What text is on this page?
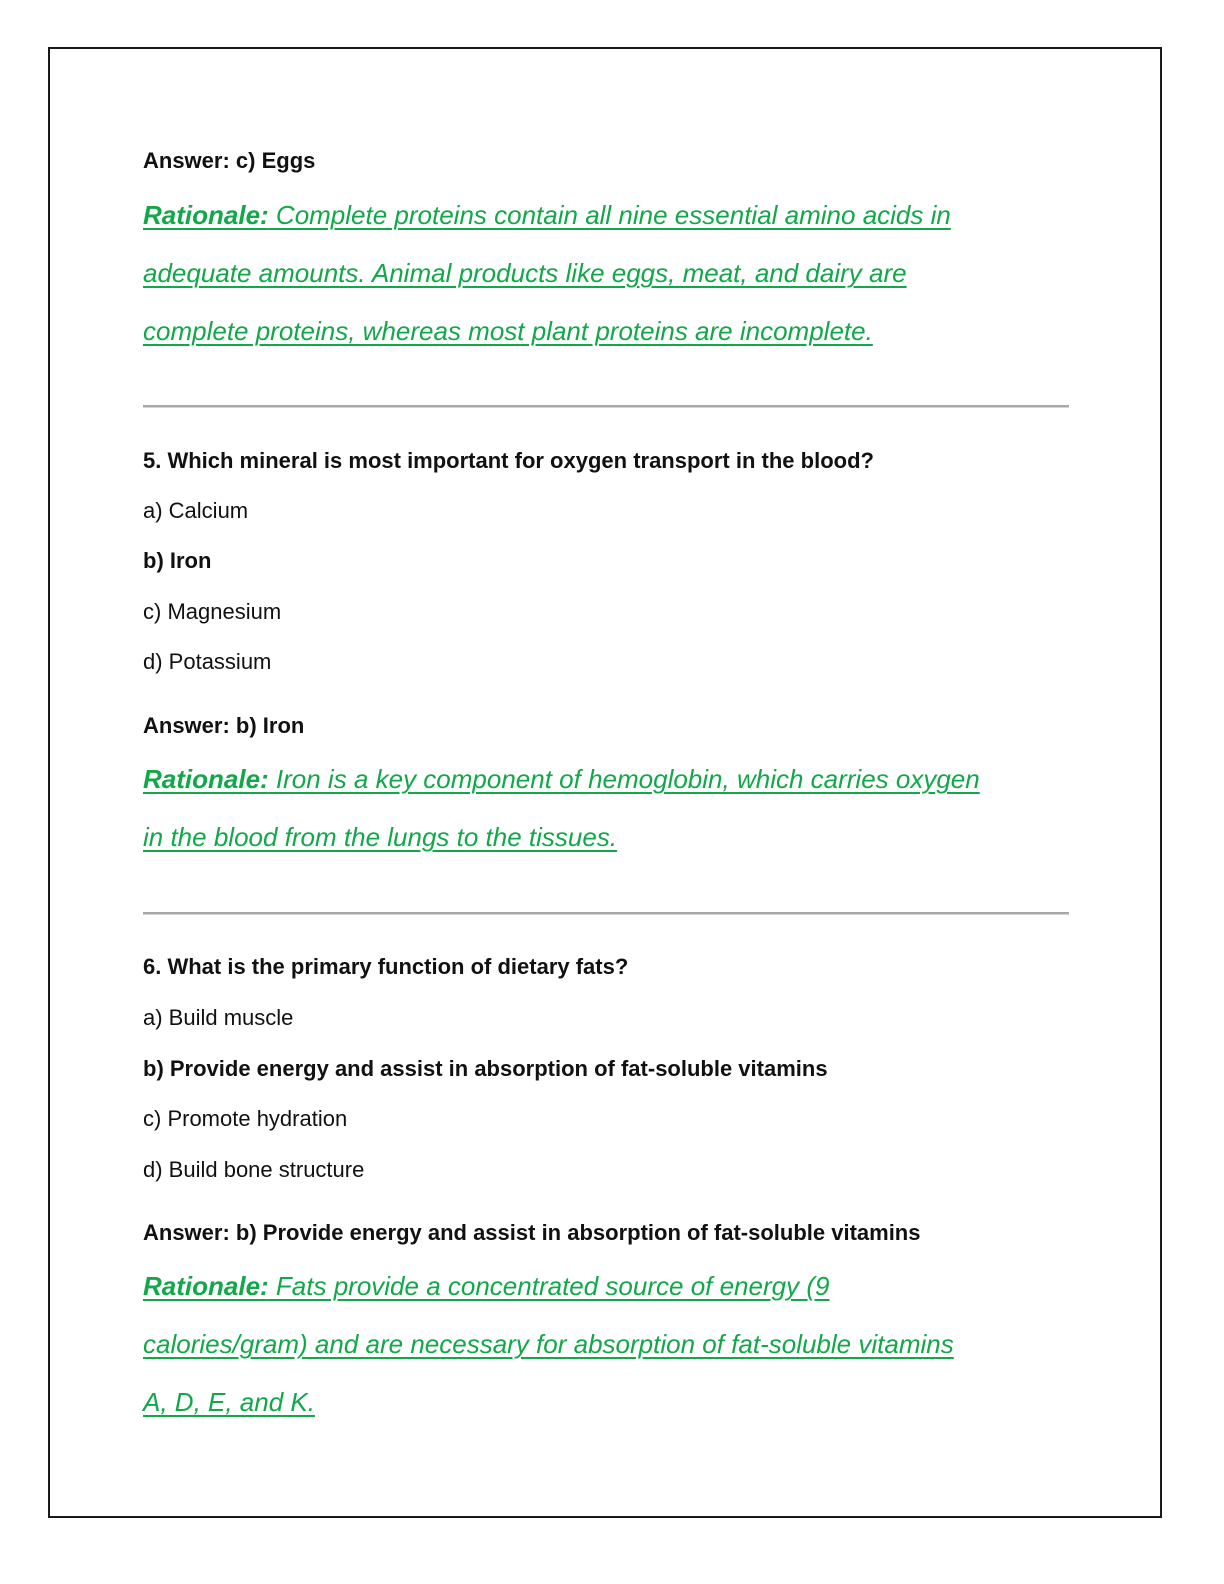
Answer: c) Eggs
Rationale: Complete proteins contain all nine essential amino acids in
adequate amounts. Animal products like eggs, meat, and dairy are
complete proteins, whereas most plant proteins are incomplete.
5. Which mineral is most important for oxygen transport in the blood?
a) Calcium
b) Iron
c) Magnesium
d) Potassium
Answer: b) Iron
Rationale: Iron is a key component of hemoglobin, which carries oxygen
in the blood from the lungs to the tissues.
6. What is the primary function of dietary fats?
a) Build muscle
b) Provide energy and assist in absorption of fat-soluble vitamins
c) Promote hydration
d) Build bone structure
Answer: b) Provide energy and assist in absorption of fat-soluble vitamins
Rationale: Fats provide a concentrated source of energy (9
calories/gram) and are necessary for absorption of fat-soluble vitamins
A, D, E, and K.
